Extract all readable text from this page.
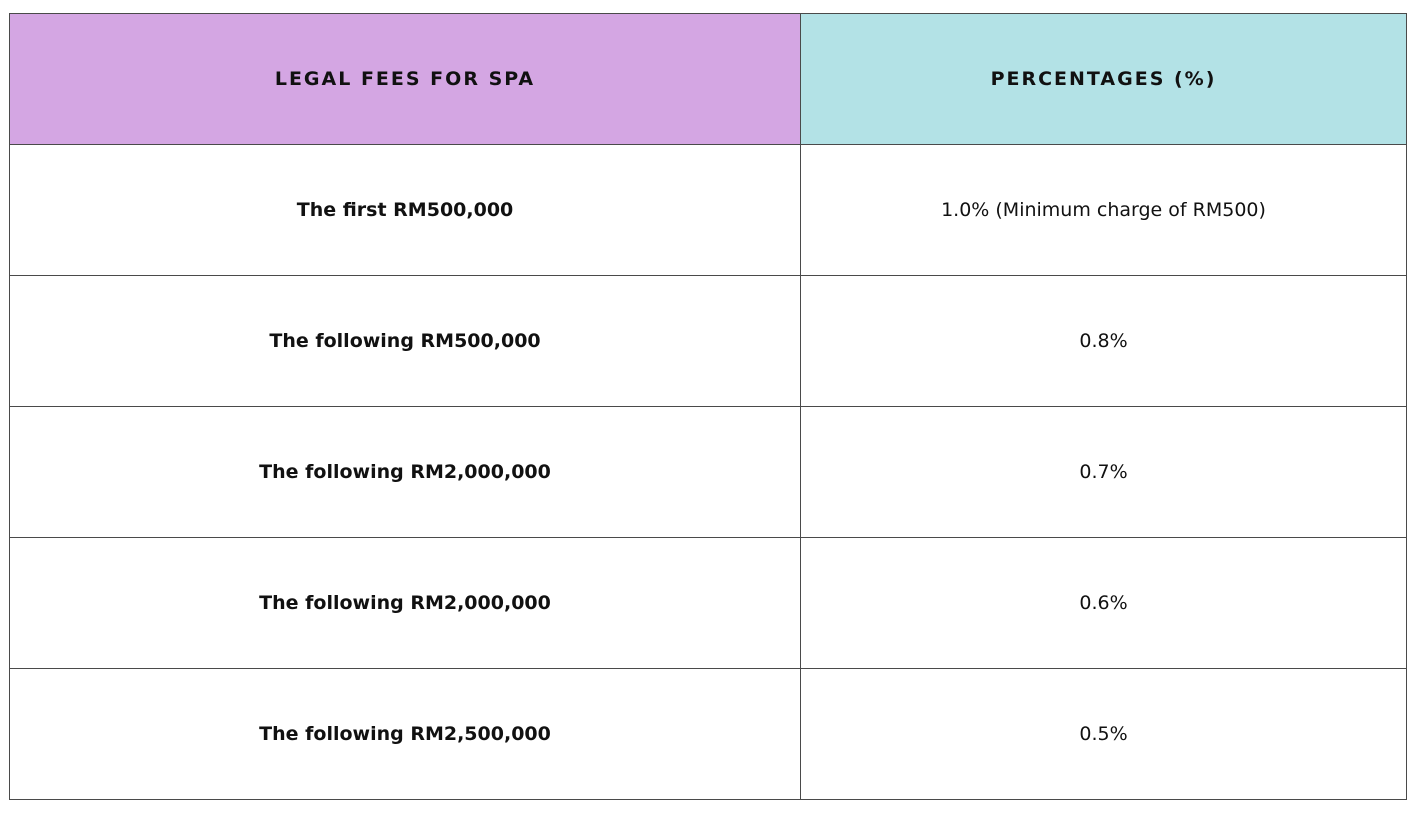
LEGAL FEES FOR SPA	PERCENTAGES (%)
The first RM500,000	1.0% (Minimum charge of RM500)
The following RM500,000	0.8%
The following RM2,000,000	0.7%
The following RM2,000,000	0.6%
The following RM2,500,000	0.5%
